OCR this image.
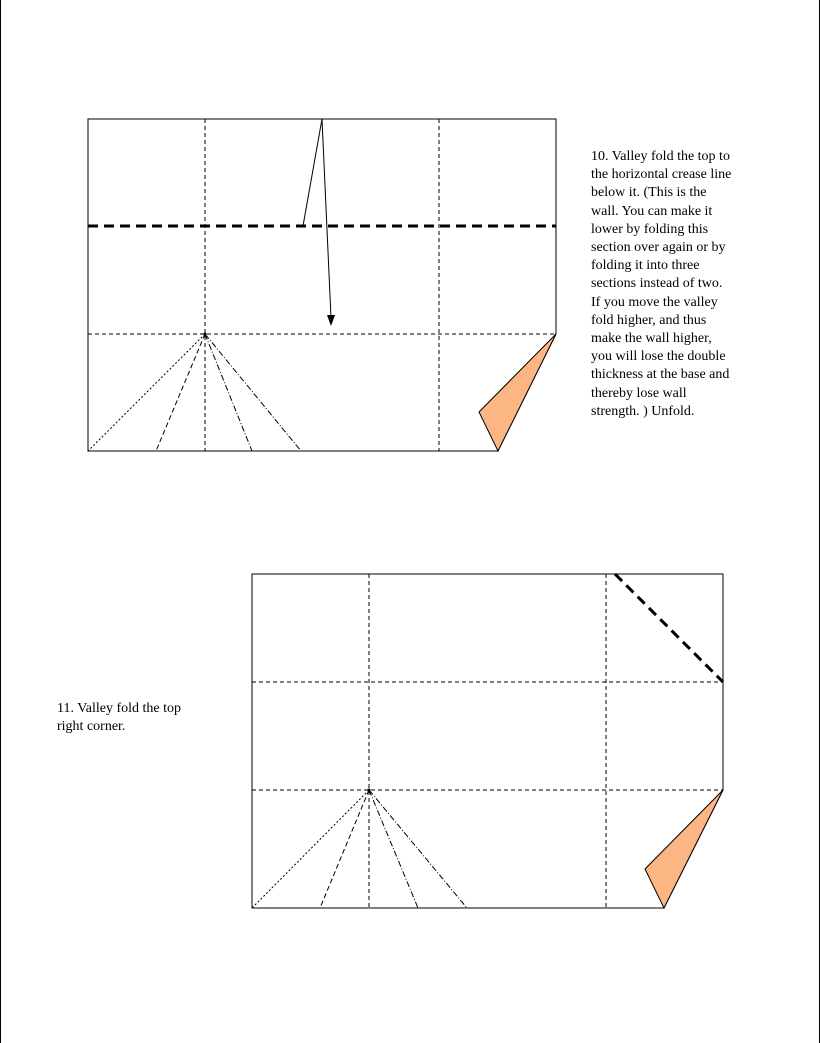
10. Valley fold the top to
the horizontal crease line
below it. (This is the
wall. You can make it
lower by folding this
section over again or by
folding it into three
sections instead of two.
If you move the valley
fold higher, and thus
make the wall higher,
you will lose the double
thickness at the base and
thereby lose wall
strength. ) Unfold.
11. Valley fold the top
right corner.
